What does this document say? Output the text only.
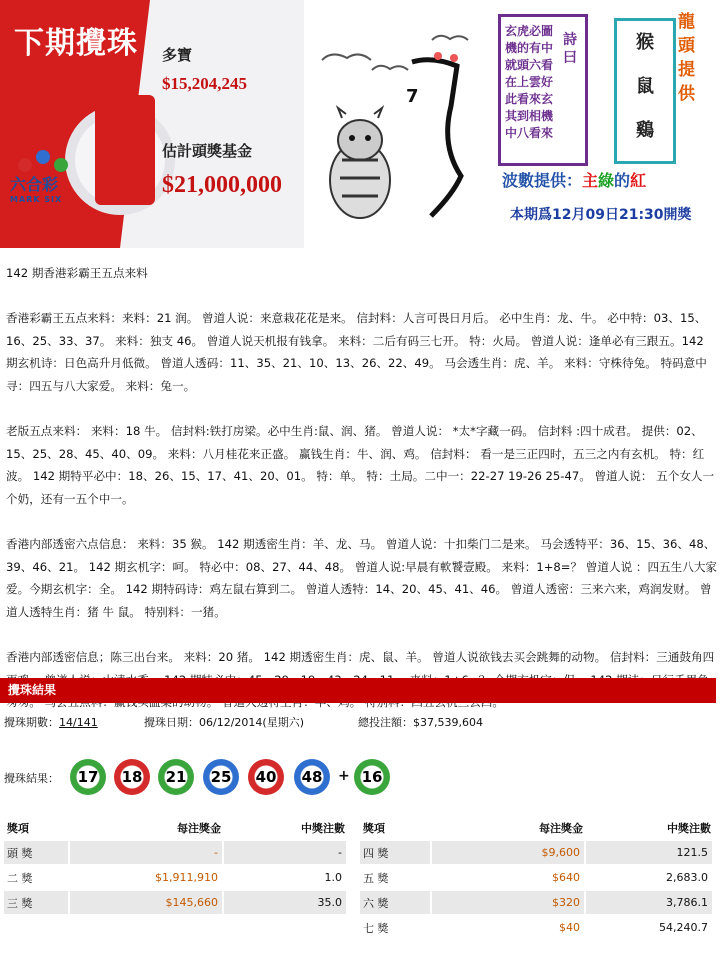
下期攪珠 多寶
$15,204,245
估計頭獎基金
$21,000,000
六合彩
MARK SIX
7
玄虎必圖
機的有中
就頭六看
在上雲好
此看來玄
其到相機
中八看來
詩曰
猴
鼠
鷄
龍頭提供
波數提供：主綠的紅
本期爲12月09日21:30開獎

142 期香港彩霸王五点来料

香港彩霸王五点来料：来料：21 润。 曾道人说：来意栽花花是来。 信封料：人言可畏日月后。 必中生肖：龙、牛。 必中特：03、15、16、25、33、37。 来料：独支 46。 曾道人说天机报有钱拿。 来料：二后有码三七开。 特：火局。 曾道人说：逢单必有三跟五。142 期玄机诗：日色高升月低微。 曾道人透码：11、35、21、10、13、26、22、49。 马会透生肖：虎、羊。 来料：守株待兔。 特码意中寻：四五与八大家爱。 来料：兔一。

老版五点来料： 来料：18 牛。 信封料:铁打房梁。必中生肖:鼠、润、猪。 曾道人说： *太*字藏一码。 信封料 :四十成君。 提供：02、15、25、28、45、40、09。 来料：八月桂花来正盛。 赢钱生肖：牛、润、鸡。 信封料： 看一是三正四时，五三之内有玄机。 特：红波。 142 期特平必中：18、26、15、17、41、20、01。 特：单。 特：土局。二中一：22-27 19-26 25-47。 曾道人说： 五个女人一 个奶，还有一五个中一。

香港内部透密六点信息： 来料：35 猴。 142 期透密生肖：羊、龙、马。 曾道人说：十扣柴门二是来。 马会透特平：36、15、36、48、39、46、21。 142 期玄机字：呵。 特必中：08、27、44、48。 曾道人说:早晨有軟饕壹殿。 来料：1+8=？ 曾道人说 ：四五生八大家爱。今期玄机字：全。 142 期特码诗：鸡左鼠右算到二。 曾道人透特：14、20、45、41、46。 曾道人透密：三来六来，鸡润发财。 曾道人透特生肖：猪 牛 鼠。 特别料：一猪。

香港内部透密信息；陈三出台来。 来料：20 猪。 142 期透密生肖：虎、鼠、羊。 曾道人说欲钱去买会跳舞的动物。 信封料：三通鼓角四

攪珠結果
攪珠期數：14/141	攪珠日期：06/12/2014(星期六)	總投注額：$37,539,604
攪珠結果：	17	18	21	25	40	48	16
+
獎項	每注獎金	中獎注數
頭 獎	-	-
二 獎	$1,911,910	1.0
三 獎	$145,660	35.0
獎項	每注獎金	中獎注數
四 獎	$9,600	121.5
五 獎	$640	2,683.0
六 獎	$320	3,786.1
七 獎	$40	54,240.7
